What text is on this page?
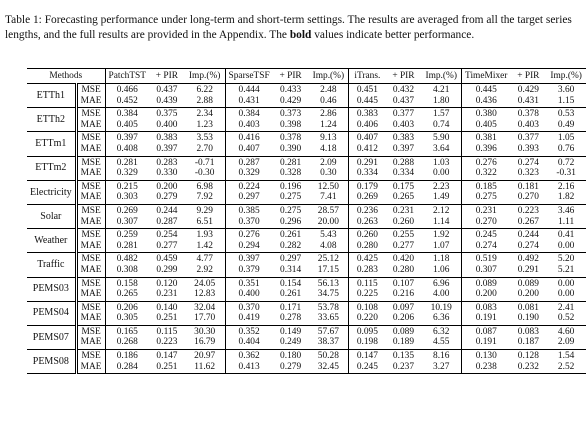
Table 1: Forecasting performance under long-term and short-term settings. The results are averaged from all the target series lengths, and the full results are provided in the Appendix. The bold values indicate better performance.
Methods		PatchTST	+ PIR	Imp.(%)	SparseTSF	+ PIR	Imp.(%)	iTrans.	+ PIR	Imp.(%)	TimeMixer	+ PIR	Imp.(%)
ETTh1	MSE	0.466	0.437	6.22	0.444	0.433	2.48	0.451	0.432	4.21	0.445	0.429	3.60
	MAE	0.452	0.439	2.88	0.431	0.429	0.46	0.445	0.437	1.80	0.436	0.431	1.15
ETTh2	MSE	0.384	0.375	2.34	0.384	0.373	2.86	0.383	0.377	1.57	0.380	0.378	0.53
	MAE	0.405	0.400	1.23	0.403	0.398	1.24	0.406	0.403	0.74	0.405	0.403	0.49
ETTm1	MSE	0.397	0.383	3.53	0.416	0.378	9.13	0.407	0.383	5.90	0.381	0.377	1.05
	MAE	0.408	0.397	2.70	0.407	0.390	4.18	0.412	0.397	3.64	0.396	0.393	0.76
ETTm2	MSE	0.281	0.283	-0.71	0.287	0.281	2.09	0.291	0.288	1.03	0.276	0.274	0.72
	MAE	0.329	0.330	-0.30	0.329	0.328	0.30	0.334	0.334	0.00	0.322	0.323	-0.31
Electricity	MSE	0.215	0.200	6.98	0.224	0.196	12.50	0.179	0.175	2.23	0.185	0.181	2.16
	MAE	0.303	0.279	7.92	0.297	0.275	7.41	0.269	0.265	1.49	0.275	0.270	1.82
Solar	MSE	0.269	0.244	9.29	0.385	0.275	28.57	0.236	0.231	2.12	0.231	0.223	3.46
	MAE	0.307	0.287	6.51	0.370	0.296	20.00	0.263	0.260	1.14	0.270	0.267	1.11
Weather	MSE	0.259	0.254	1.93	0.276	0.261	5.43	0.260	0.255	1.92	0.245	0.244	0.41
	MAE	0.281	0.277	1.42	0.294	0.282	4.08	0.280	0.277	1.07	0.274	0.274	0.00
Traffic	MSE	0.482	0.459	4.77	0.397	0.297	25.12	0.425	0.420	1.18	0.519	0.492	5.20
	MAE	0.308	0.299	2.92	0.379	0.314	17.15	0.283	0.280	1.06	0.307	0.291	5.21
PEMS03	MSE	0.158	0.120	24.05	0.351	0.154	56.13	0.115	0.107	6.96	0.089	0.089	0.00
	MAE	0.265	0.231	12.83	0.400	0.261	34.75	0.225	0.216	4.00	0.200	0.200	0.00
PEMS04	MSE	0.206	0.140	32.04	0.370	0.171	53.78	0.108	0.097	10.19	0.083	0.081	2.41
	MAE	0.305	0.251	17.70	0.419	0.278	33.65	0.220	0.206	6.36	0.191	0.190	0.52
PEMS07	MSE	0.165	0.115	30.30	0.352	0.149	57.67	0.095	0.089	6.32	0.087	0.083	4.60
	MAE	0.268	0.223	16.79	0.404	0.249	38.37	0.198	0.189	4.55	0.191	0.187	2.09
PEMS08	MSE	0.186	0.147	20.97	0.362	0.180	50.28	0.147	0.135	8.16	0.130	0.128	1.54
	MAE	0.284	0.251	11.62	0.413	0.279	32.45	0.245	0.237	3.27	0.238	0.232	2.52
